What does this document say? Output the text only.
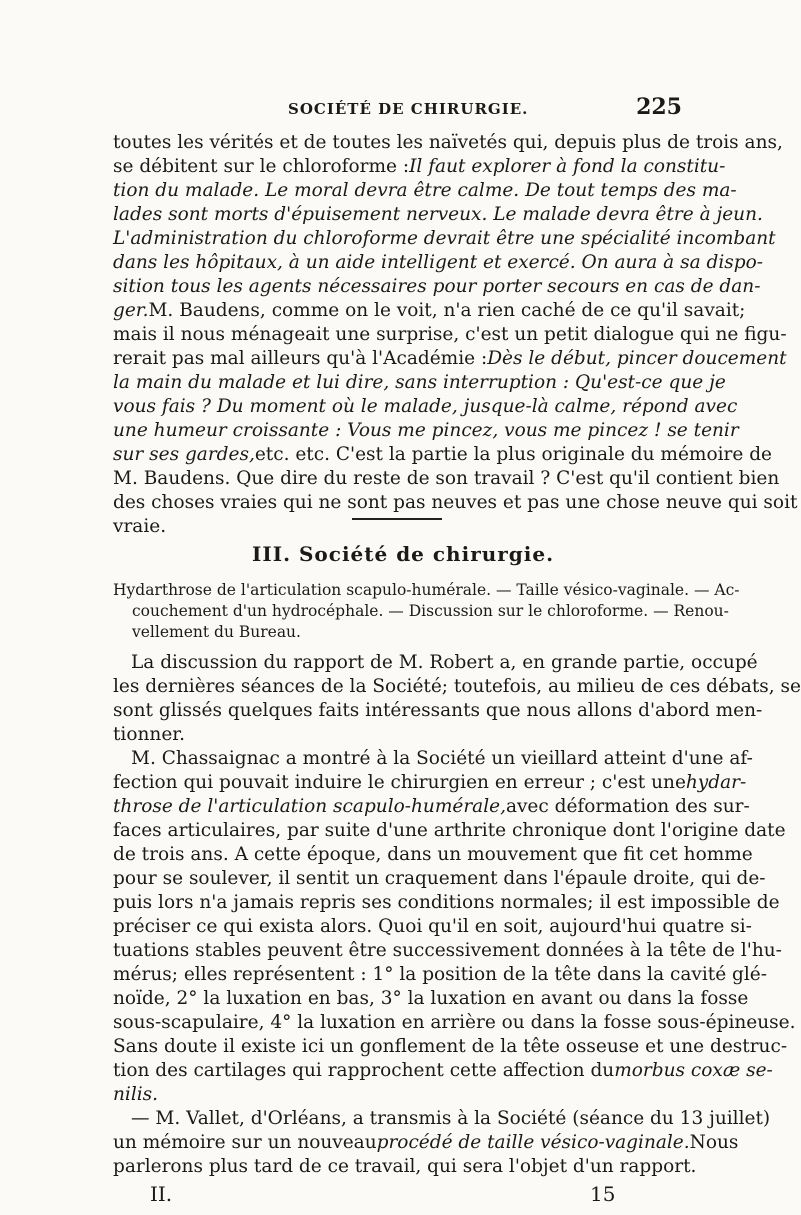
SOCIÉTÉ DE CHIRURGIE.	225
toutes les vérités et de toutes les naïvetés qui, depuis plus de trois ans,
se débitent sur le chloroforme :Il faut explorer à fond la constitu-
tion du malade. Le moral devra être calme. De tout temps des ma-
lades sont morts d'épuisement nerveux. Le malade devra être à jeun.
L'administration du chloroforme devrait être une spécialité incombant
dans les hôpitaux, à un aide intelligent et exercé. On aura à sa dispo-
sition tous les agents nécessaires pour porter secours en cas de dan-
ger.M. Baudens, comme on le voit, n'a rien caché de ce qu'il savait;
mais il nous ménageait une surprise, c'est un petit dialogue qui ne figu-
rerait pas mal ailleurs qu'à l'Académie :Dès le début, pincer doucement
la main du malade et lui dire, sans interruption : Qu'est-ce que je
vous fais ? Du moment où le malade, jusque-là calme, répond avec
une humeur croissante : Vous me pincez, vous me pincez ! se tenir
sur ses gardes,etc. etc. C'est la partie la plus originale du mémoire de
M. Baudens. Que dire du reste de son travail ? C'est qu'il contient bien
des choses vraies qui ne sont pas neuves et pas une chose neuve qui soit
vraie.
III. Société de chirurgie.
Hydarthrose de l'articulation scapulo-humérale. — Taille vésico-vaginale. — Ac-
couchement d'un hydrocéphale. — Discussion sur le chloroforme. — Renou-
vellement du Bureau.
La discussion du rapport de M. Robert a, en grande partie, occupé
les dernières séances de la Société; toutefois, au milieu de ces débats, se
sont glissés quelques faits intéressants que nous allons d'abord men-
tionner.
M. Chassaignac a montré à la Société un vieillard atteint d'une af-
fection qui pouvait induire le chirurgien en erreur ; c'est unehydar-
throse de l'articulation scapulo-humérale,avec déformation des sur-
faces articulaires, par suite d'une arthrite chronique dont l'origine date
de trois ans. A cette époque, dans un mouvement que fit cet homme
pour se soulever, il sentit un craquement dans l'épaule droite, qui de-
puis lors n'a jamais repris ses conditions normales; il est impossible de
préciser ce qui exista alors. Quoi qu'il en soit, aujourd'hui quatre si-
tuations stables peuvent être successivement données à la tête de l'hu-
mérus; elles représentent : 1° la position de la tête dans la cavité glé-
noïde, 2° la luxation en bas, 3° la luxation en avant ou dans la fosse
sous-scapulaire, 4° la luxation en arrière ou dans la fosse sous-épineuse.
Sans doute il existe ici un gonflement de la tête osseuse et une destruc-
tion des cartilages qui rapprochent cette affection dumorbus coxæ se-
nilis.
— M. Vallet, d'Orléans, a transmis à la Société (séance du 13 juillet)
II.	15
un mémoire sur un nouveauprocédé de taille vésico-vaginale.Nous
parlerons plus tard de ce travail, qui sera l'objet d'un rapport.
